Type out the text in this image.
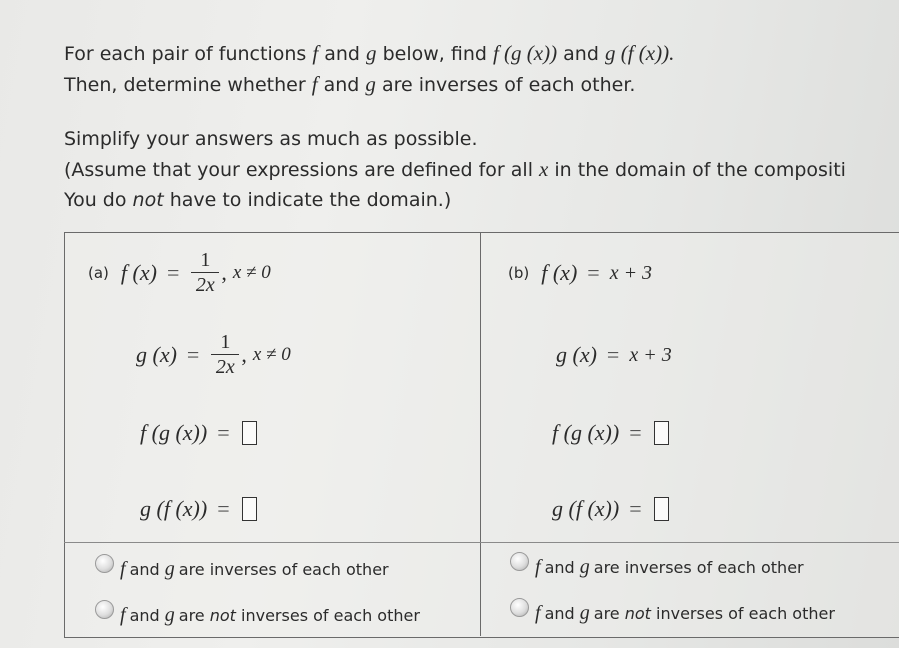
For each pair of functions f and g below, find f (g (x)) and g (f (x)).
Then, determine whether f and g are inverses of each other.
Simplify your answers as much as possible.
(Assume that your expressions are defined for all x in the domain of the compositi
You do not have to indicate the domain.)
(a) f $(x) = \frac{1}{2x}$ , x ≠ 0
g $(x) = \frac{1}{2x}$ , x ≠ 0
f (g (x)) =
g (f (x)) =
f and
g are inverses of each other
f and
g are
not
inverses of each other
(b) f (x) = x + 3
g (x) = x + 3
f (g (x)) =
g (f (x)) =
f and
g are inverses of each other
f and
g are
not
inverses of each other
